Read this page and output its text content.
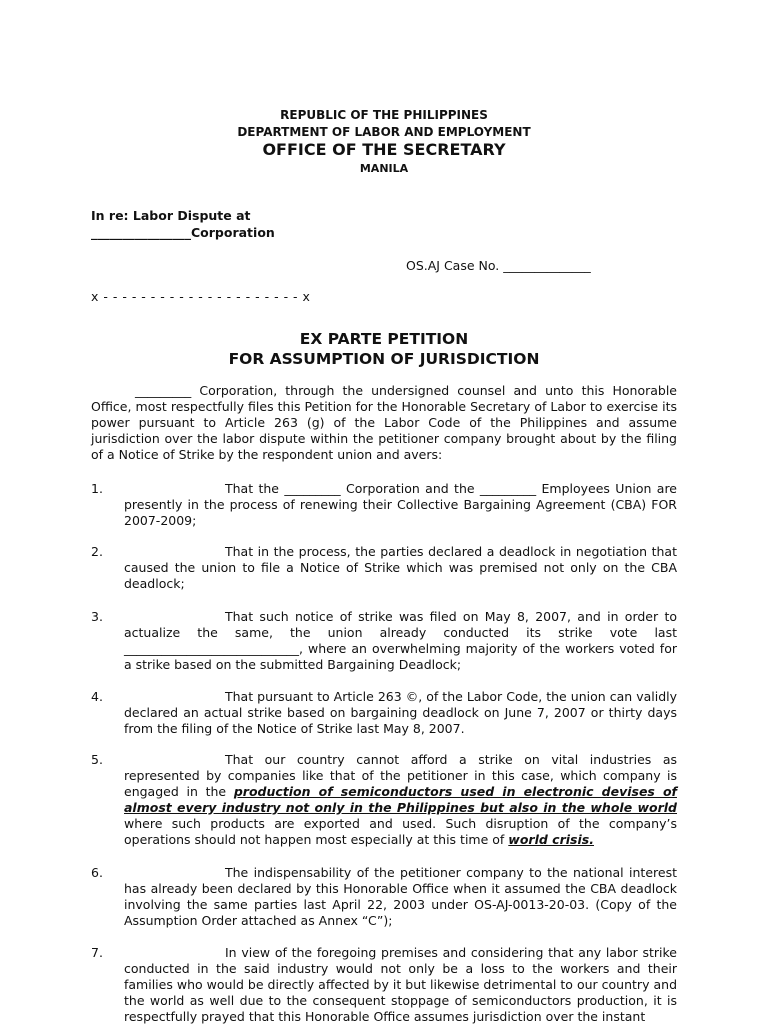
REPUBLIC OF THE PHILIPPINES
DEPARTMENT OF LABOR AND EMPLOYMENT
OFFICE OF THE SECRETARY
MANILA
In re: Labor Dispute at
________________Corporation
OS.AJ Case No. ______________
x - - - - - - - - - - - - - - - - - - - - - x
EX PARTE PETITION
FOR ASSUMPTION OF JURISDICTION
_________ Corporation, through the undersigned counsel and unto this Honorable Office, most respectfully files this Petition for the Honorable Secretary of Labor to exercise its power pursuant to Article 263 (g) of the Labor Code of the Philippines and assume jurisdiction over the labor dispute within the petitioner company brought about by the filing of a Notice of Strike by the respondent union and avers:
1.	That the _________ Corporation and the _________ Employees Union are presently in the process of renewing their Collective Bargaining Agreement (CBA) FOR 2007-2009;
2.	That in the process, the parties declared a deadlock in negotiation that caused the union to file a Notice of Strike which was premised not only on the CBA deadlock;
3.	That such notice of strike was filed on May 8, 2007, and in order to actualize the same, the union already conducted its strike vote last ____________________________, where an overwhelming majority of the workers voted for a strike based on the submitted Bargaining Deadlock;
4.	That pursuant to Article 263 ©, of the Labor Code, the union can validly declared an actual strike based on bargaining deadlock on June 7, 2007 or thirty days from the filing of the Notice of Strike last May 8, 2007.
5.	That our country cannot afford a strike on vital industries as represented by companies like that of the petitioner in this case, which company is engaged in the production of semiconductors used in electronic devises of almost every industry not only in the Philippines but also in the whole world where such products are exported and used. Such disruption of the company’s operations should not happen most especially at this time of world crisis.
6.	The indispensability of the petitioner company to the national interest has already been declared by this Honorable Office when it assumed the CBA deadlock involving the same parties last April 22, 2003 under OS-AJ-0013-20-03. (Copy of the Assumption Order attached as Annex “C”);
7.	In view of the foregoing premises and considering that any labor strike conducted in the said industry would not only be a loss to the workers and their families who would be directly affected by it but likewise detrimental to our country and the world as well due to the consequent stoppage of semiconductors production, it is respectfully prayed that this Honorable Office assumes jurisdiction over the instant
